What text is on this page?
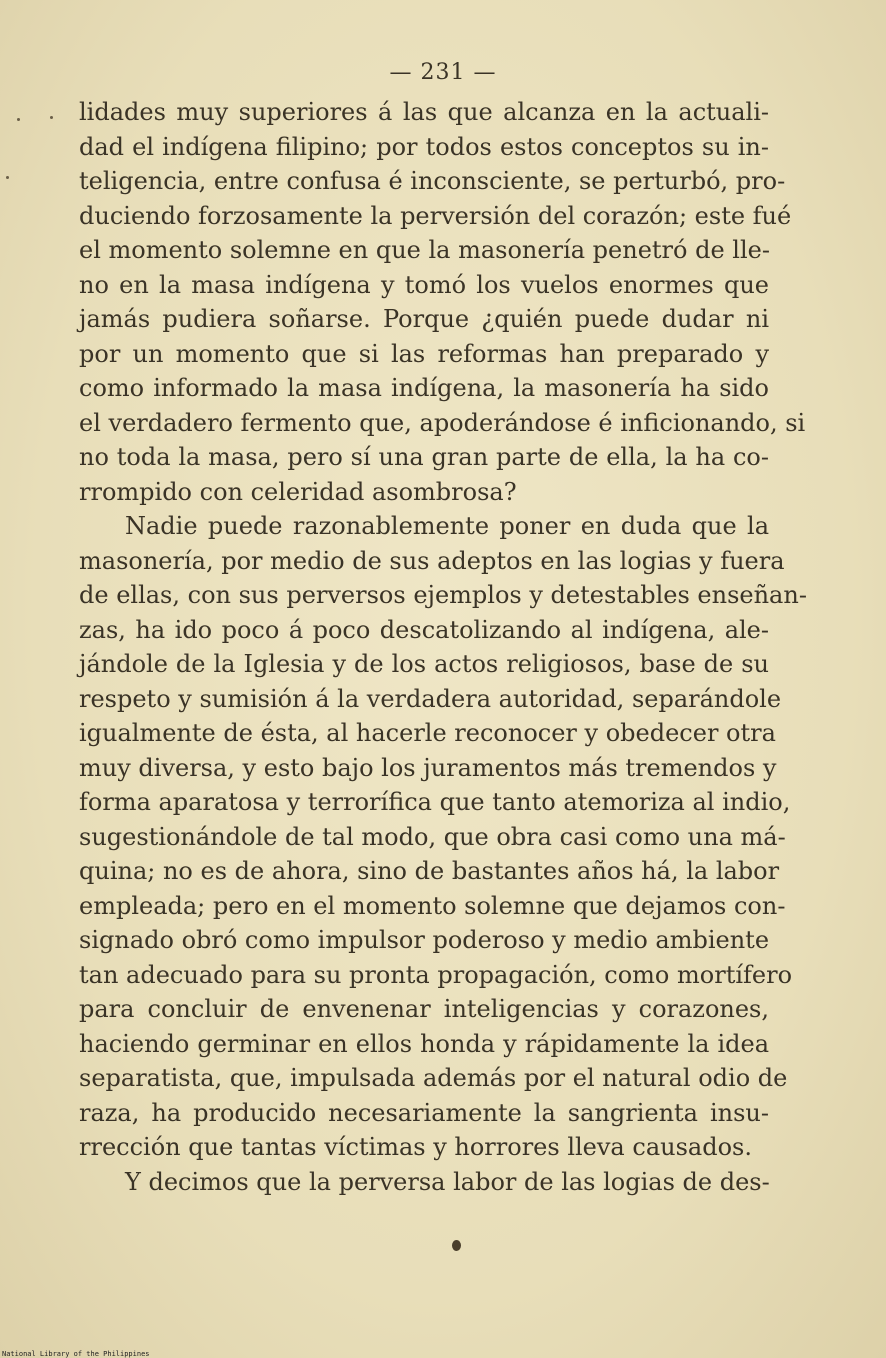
— 231 —
lidades muy superiores á las que alcanza en la actuali-
dad el indígena filipino; por todos estos conceptos su in-
teligencia, entre confusa é inconsciente, se perturbó, pro-
duciendo forzosamente la perversión del corazón; este fué
el momento solemne en que la masonería penetró de lle-
no en la masa indígena y tomó los vuelos enormes que
jamás pudiera soñarse. Porque ¿quién puede dudar ni
por un momento que si las reformas han preparado y
como informado la masa indígena, la masonería ha sido
el verdadero fermento que, apoderándose é inficionando, si
no toda la masa, pero sí una gran parte de ella, la ha co-
rrompido con celeridad asombrosa?
Nadie puede razonablemente poner en duda que la
masonería, por medio de sus adeptos en las logias y fuera
de ellas, con sus perversos ejemplos y detestables enseñan-
zas, ha ido poco á poco descatolizando al indígena, ale-
jándole de la Iglesia y de los actos religiosos, base de su
respeto y sumisión á la verdadera autoridad, separándole
igualmente de ésta, al hacerle reconocer y obedecer otra
muy diversa, y esto bajo los juramentos más tremendos y
forma aparatosa y terrorífica que tanto atemoriza al indio,
sugestionándole de tal modo, que obra casi como una má-
quina; no es de ahora, sino de bastantes años há, la labor
empleada; pero en el momento solemne que dejamos con-
signado obró como impulsor poderoso y medio ambiente
tan adecuado para su pronta propagación, como mortífero
para concluir de envenenar inteligencias y corazones,
haciendo germinar en ellos honda y rápidamente la idea
separatista, que, impulsada además por el natural odio de
raza, ha producido necesariamente la sangrienta insu-
rrección que tantas víctimas y horrores lleva causados.
Y decimos que la perversa labor de las logias de des-
National Library of the Philippines
